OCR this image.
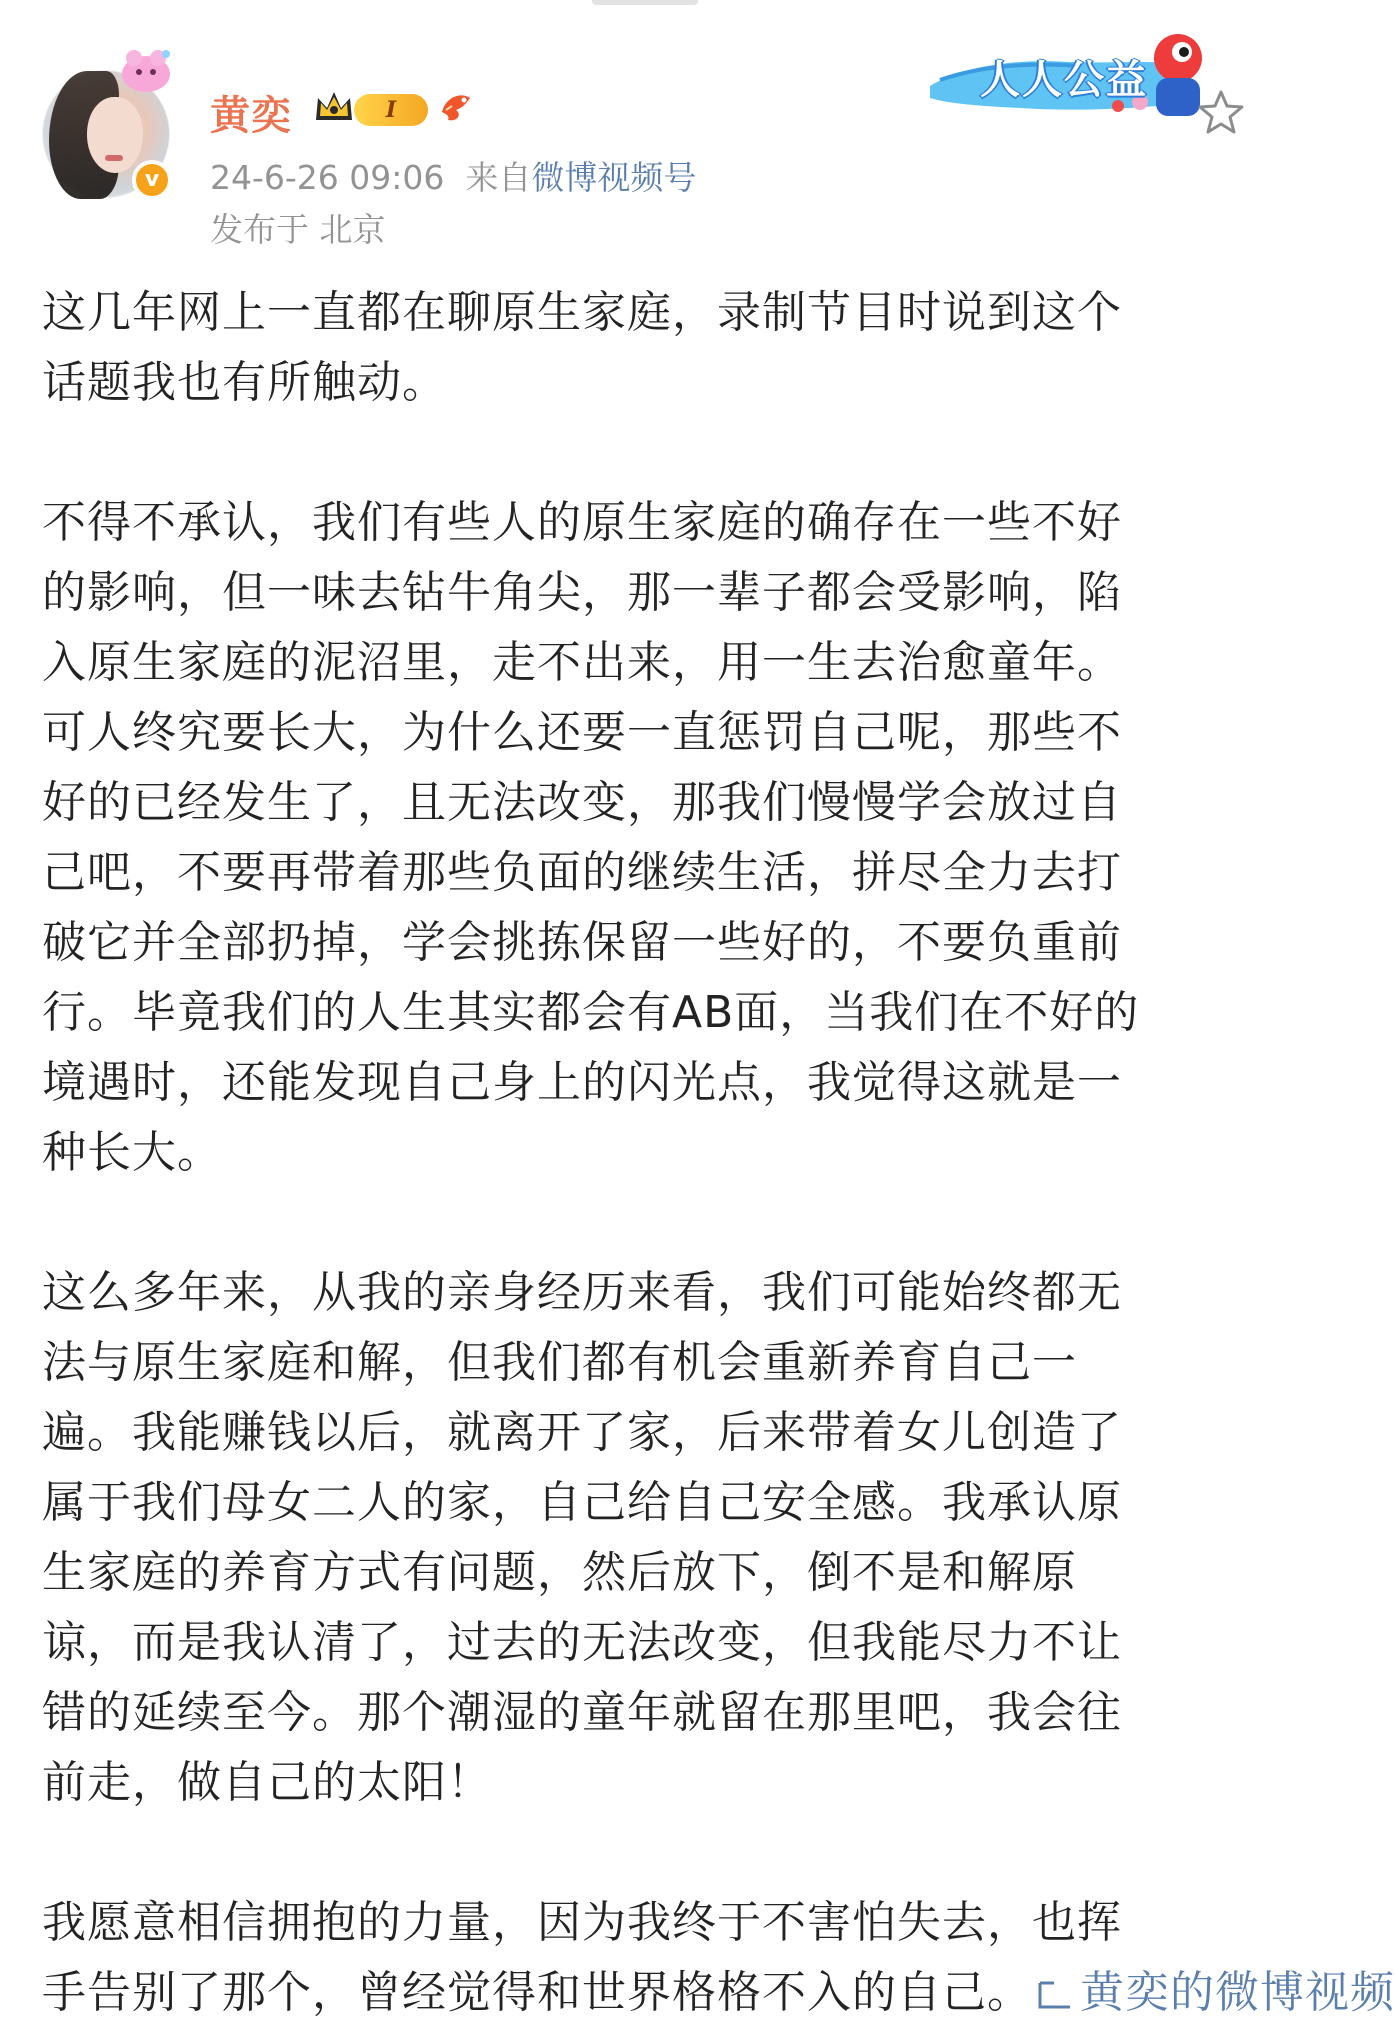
v
黄奕	I
24-6-26 09:06 来自微博视频号
发布于 北京
人人公益

这几年网上一直都在聊原生家庭，录制节目时说到这个
话题我也有所触动。

不得不承认，我们有些人的原生家庭的确存在一些不好
的影响，但一味去钻牛角尖，那一辈子都会受影响，陷
入原生家庭的泥沼里，走不出来，用一生去治愈童年。
可人终究要长大，为什么还要一直惩罚自己呢，那些不
好的已经发生了，且无法改变，那我们慢慢学会放过自
己吧，不要再带着那些负面的继续生活，拼尽全力去打
破它并全部扔掉，学会挑拣保留一些好的，不要负重前
行。毕竟我们的人生其实都会有AB面，当我们在不好的
境遇时，还能发现自己身上的闪光点，我觉得这就是一
种长大。

这么多年来，从我的亲身经历来看，我们可能始终都无
法与原生家庭和解，但我们都有机会重新养育自己一
遍。我能赚钱以后，就离开了家，后来带着女儿创造了
属于我们母女二人的家，自己给自己安全感。我承认原
生家庭的养育方式有问题，然后放下，倒不是和解原
谅，而是我认清了，过去的无法改变，但我能尽力不让
错的延续至今。那个潮湿的童年就留在那里吧，我会往
前走，做自己的太阳！

我愿意相信拥抱的力量，因为我终于不害怕失去，也挥
手告别了那个，曾经觉得和世界格格不入的自己。 黄奕的微博视频
